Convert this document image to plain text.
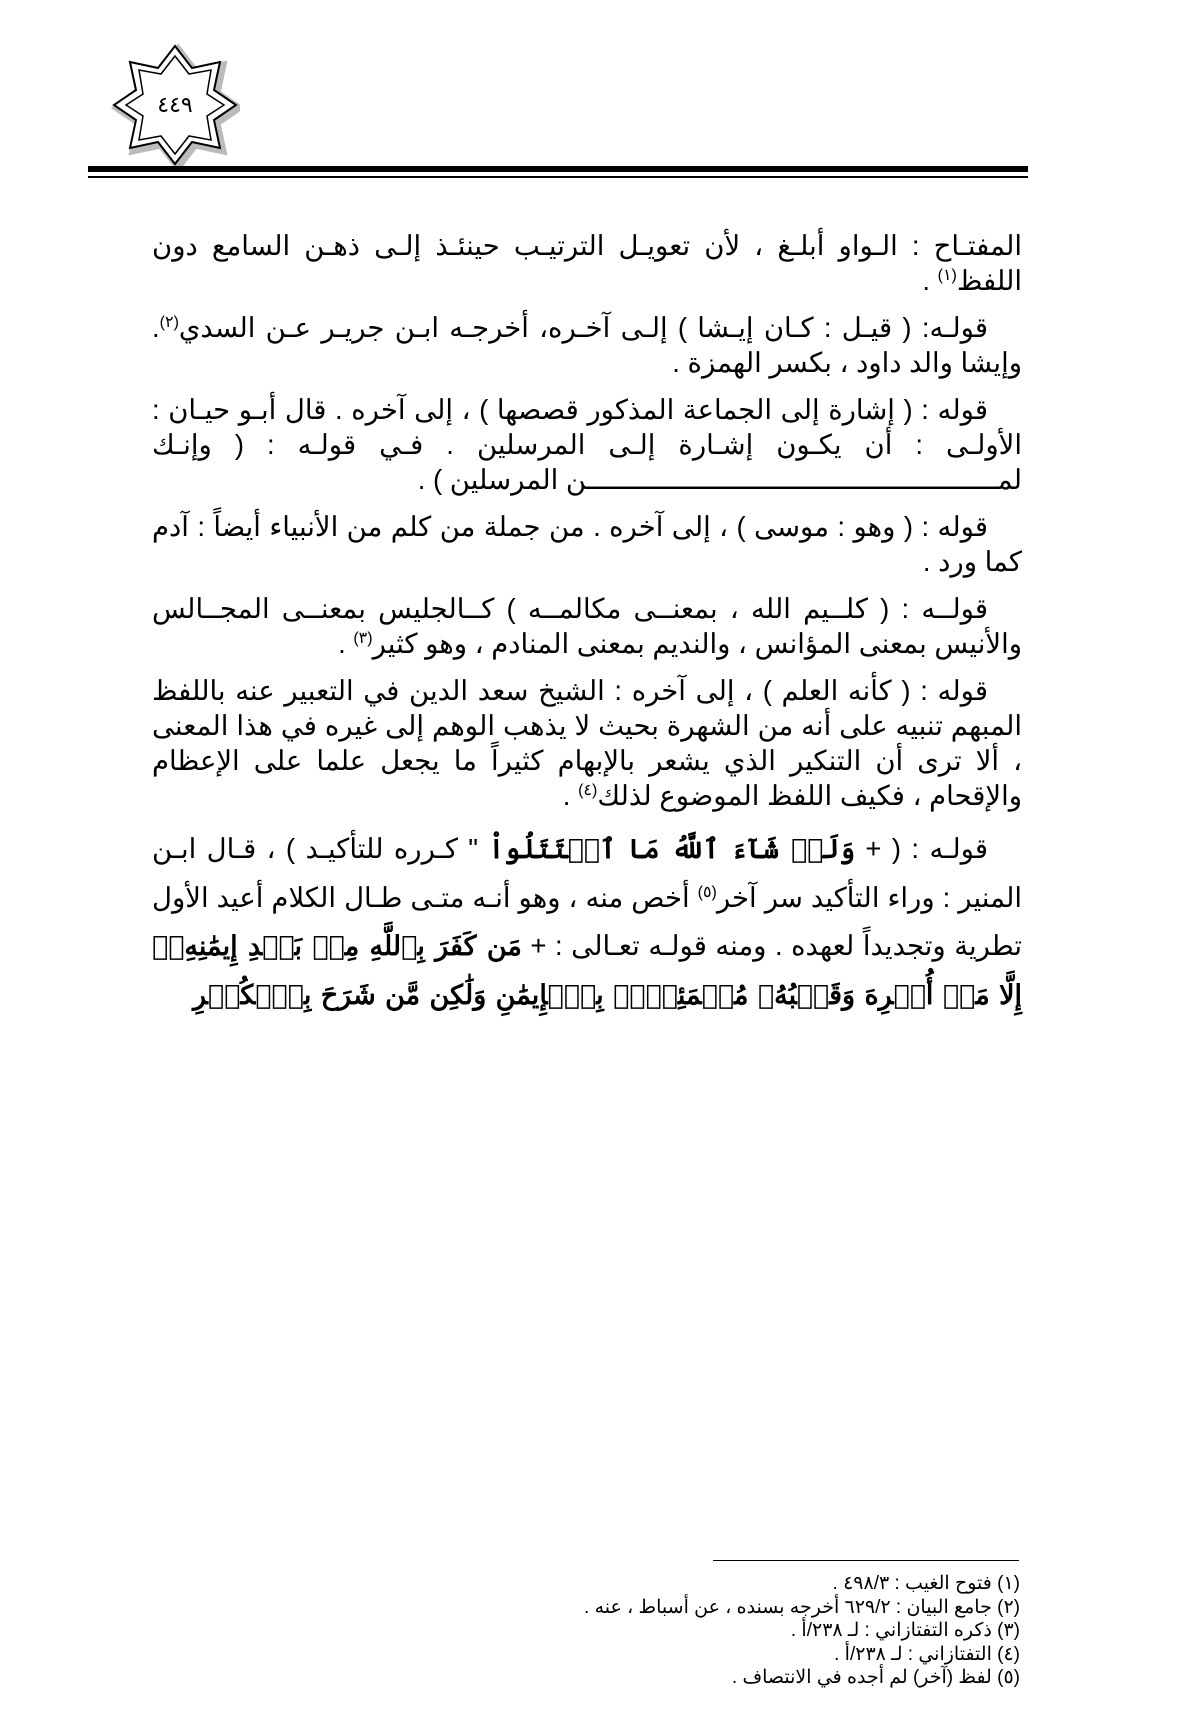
٤٤٩

المفتـاح : الـواو أبلـغ ، لأن تعويـل الترتيـب حينئـذ إلـى ذهـن السامع دون اللفظ$^{(١)}$ .

قولـه: ( قيـل : كـان إيـشا ) إلـى آخـره، أخرجـه ابـن جريـر عـن السدي$^{(٢)}$. وإيشا والد داود ، بكسر الهمزة .

قوله : ( إشارة إلى الجماعة المذكور قصصها ) ، إلى آخره . قال أبـو حيـان : الأولـى : أن يكـون إشـارة إلـى المرسلين . فـي قولـه : ( وإنـك لمـــــــــــــــــــــــــــــــــــــــــــــــــــن المرسلين ) .

قوله : ( وهو : موسى ) ، إلى آخره . من جملة من كلم من الأنبياء أيضاً : آدم كما ورد .

قولــه : ( كلــيم الله ، بمعنــى مكالمــه ) كــالجليس بمعنــى المجــالس والأنيس بمعنى المؤانس ، والنديم بمعنى المنادم ، وهو كثير$^{(٣)}$ .

قوله : ( كأنه العلم ) ، إلى آخره : الشيخ سعد الدين في التعبير عنه باللفظ المبهم تنبيه على أنه من الشهرة بحيث لا يذهب الوهم إلى غيره في هذا المعنى ، ألا ترى أن التنكير الذي يشعر بالإبهام كثيراً ما يجعل علما على الإعظام والإقحام ، فكيف اللفظ الموضوع لذلك$^{(٤)}$ .

قولـه : ( + وَلَوۡ شَآءَ ٱللَّهُ مَا ٱقۡتَتَلُواْ " كـرره للتأكيـد ) ، قـال ابـن المنير : وراء التأكيد سر آخر$^{(٥)}$ أخص منه ، وهو أنـه متـى طـال الكلام أعيد الأول تطرية وتجديداً لعهده . ومنه قولـه تعـالى : + مَن كَفَرَ بِٱللَّهِ مِنۢ بَعۡدِ إِيمَٰنِهِۦٓ إِلَّا مَنۡ أُكۡرِهَ وَقَلۡبُهُۥ مُطۡمَئِنُّۢ بِٱلۡإِيمَٰنِ وَلَٰكِن مَّن شَرَحَ بِٱلۡكُفۡرِ

(١) فتوح الغيب : ٤٩٨/٣ .

(٢) جامع البيان : ٦٢٩/٢ أخرجه بسنده ، عن أسباط ، عنه .

(٣) ذكره التفتازاني : لـ ٢٣٨/أ .

(٤) التفتازاني : لـ ٢٣٨/أ .

(٥) لفظ (آخر) لم أجده في الانتصاف .
